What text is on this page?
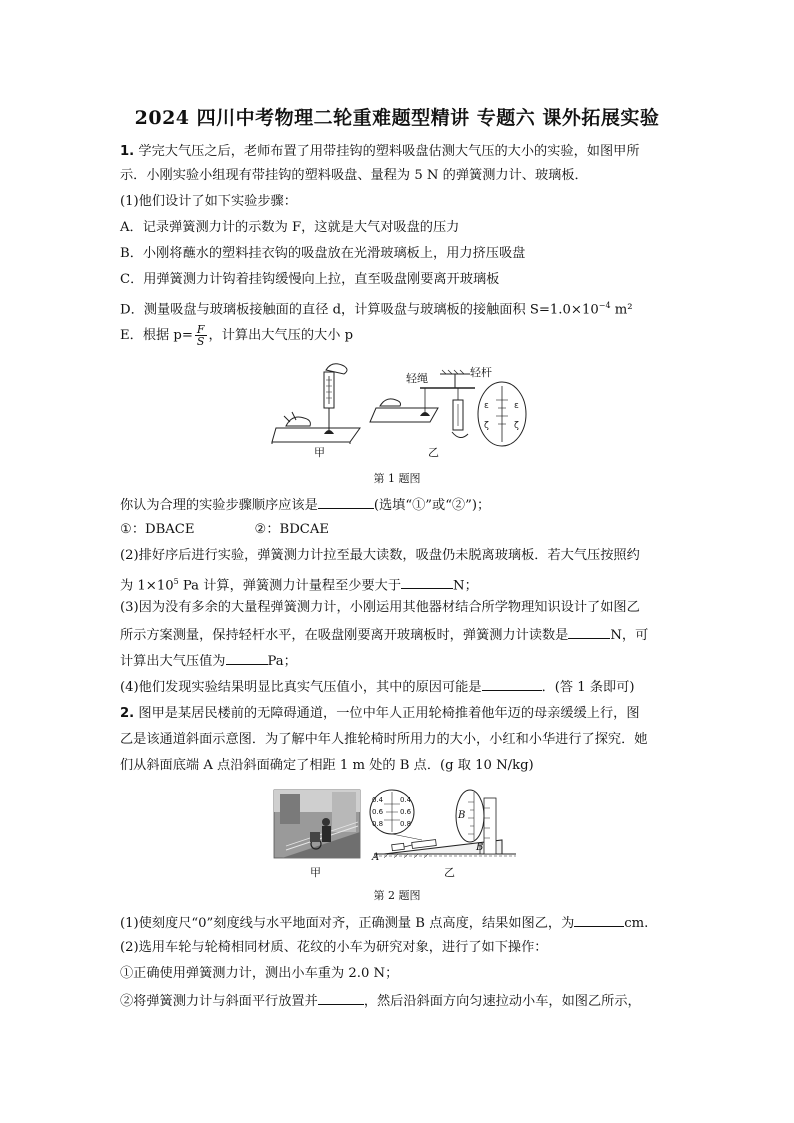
2024 四川中考物理二轮重难题型精讲 专题六 课外拓展实验
1. 学完大气压之后，老师布置了用带挂钩的塑料吸盘估测大气压的大小的实验，如图甲所
示．小刚实验小组现有带挂钩的塑料吸盘、量程为 5 N 的弹簧测力计、玻璃板．
(1)他们设计了如下实验步骤：
A．记录弹簧测力计的示数为 F，这就是大气对吸盘的压力
B．小刚将蘸水的塑料挂衣钩的吸盘放在光滑玻璃板上，用力挤压吸盘
C．用弹簧测力计钩着挂钩缓慢向上拉，直至吸盘刚要离开玻璃板
D．测量吸盘与玻璃板接触面的直径 d，计算吸盘与玻璃板的接触面积 $S=1.0\times 10^{-4}$ m²
E．根据 $p= \frac{F}{S}$ ，计算出大气压的大小 p
ε	ε
ζ	ζ
轻绳	轻杆
甲	乙
第 1 题图
你认为合理的实验步骤顺序应该是	(选填“①”或“②”)；
①：DBACE	②：BDCAE
(2)排好序后进行实验，弹簧测力计拉至最大读数，吸盘仍未脱离玻璃板．若大气压按照约
为 $1\times 10^5$ Pa 计算，弹簧测力计量程至少要大于	N；
(3)因为没有多余的大量程弹簧测力计，小刚运用其他器材结合所学物理知识设计了如图乙
所示方案测量，保持轻杆水平，在吸盘刚要离开玻璃板时，弹簧测力计读数是	N，可
计算出大气压值为	Pa；
(4)他们发现实验结果明显比真实气压值小，其中的原因可能是	．(答 1 条即可)
2. 图甲是某居民楼前的无障碍通道，一位中年人正用轮椅推着他年迈的母亲缓缓上行，图
乙是该通道斜面示意图．为了解中年人推轮椅时所用力的大小，小红和小华进行了探究．她
们从斜面底端 A 点沿斜面确定了相距 1 m 处的 B 点．(g 取 10 N/kg)
0.4
0.6
0.8
0.4
0.6
0.8
B
A
B
甲	乙
第 2 题图
(1)使刻度尺“0”刻度线与水平地面对齐，正确测量 B 点高度，结果如图乙，为	cm.
(2)选用车轮与轮椅相同材质、花纹的小车为研究对象，进行了如下操作：
①正确使用弹簧测力计，测出小车重为 2.0 N；
②将弹簧测力计与斜面平行放置并	，然后沿斜面方向匀速拉动小车，如图乙所示，
